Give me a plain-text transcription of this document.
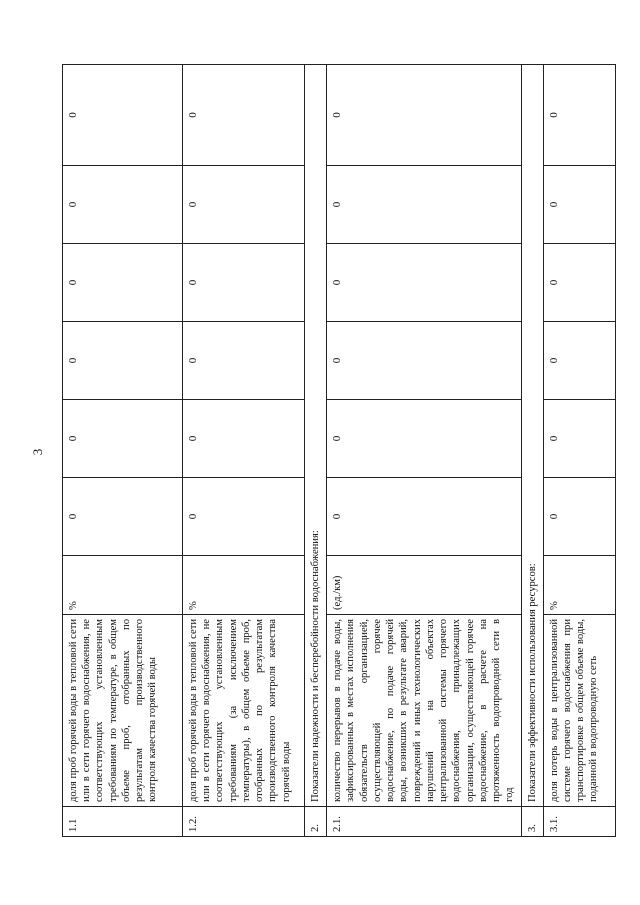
3
1.1	доля проб горячей воды в тепловой сети или в сети горячего водоснабжения, не соответствующих установленным требованиям по температуре, в общем объеме проб, отобранных по результатам производственного контроля качества горячей воды	%	0	0	0	0	0	0
1.2.	доля проб горячей воды в тепловой сети или в сети горячего водоснабжения, не соответствующих установленным требованиям (за исключением температуры), в общем объеме проб, отобранных по результатам производственного контроля качества горячей воды	%	0	0	0	0	0	0
2.	Показатели надежности и бесперебойности водоснабжения:							
2.1.	количество перерывов в подаче воды, зафиксированных в местах исполнения обязательств организацией, осуществляющей горячее водоснабжение, по подаче горячей воды, возникших в результате аварий, повреждений и иных технологических нарушений на объектах централизованной системы горячего водоснабжения, принадлежащих организации, осуществляющей горячее водоснабжение, в расчете на протяженность водопроводной сети в год	(ед./км)	0	0	0	0	0	0
3.	Показатели эффективности использования ресурсов:							
3.1.	доля потерь воды в централизованной системе горячего водоснабжения при транспортировке в общем объеме воды, поданной в водопроводную сеть	%	0	0	0	0	0	0
